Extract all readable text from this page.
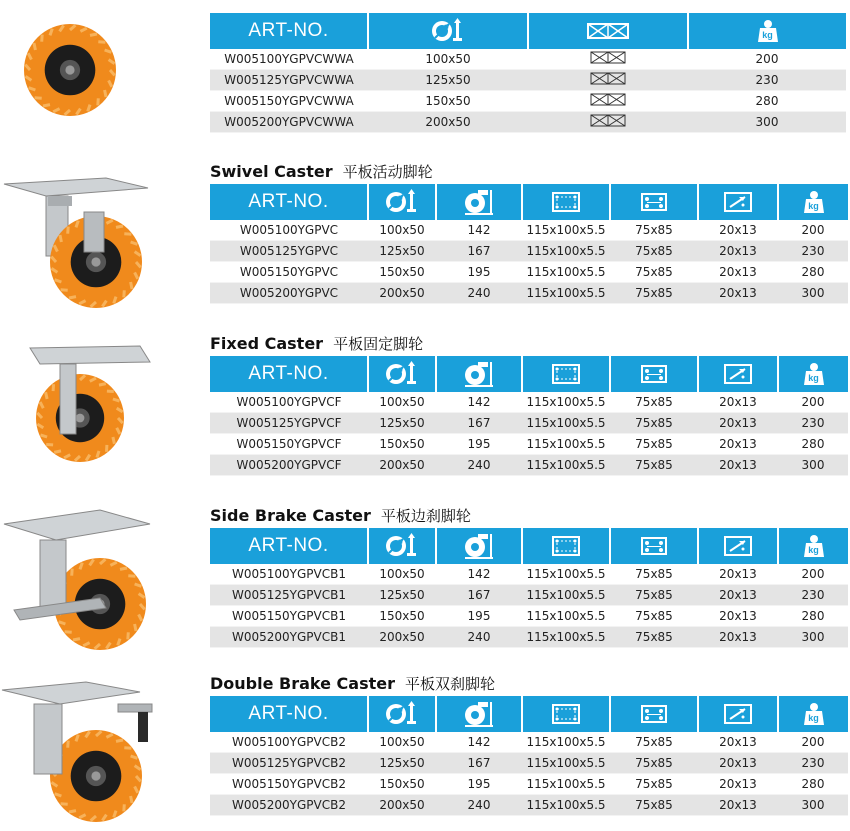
ART-NO.			kg

W005100YGPVCWWA	100x50		200
W005125YGPVCWWA	125x50		230
W005150YGPVCWWA	150x50		280
W005200YGPVCWWA	200x50		300
Swivel Caster 平板活动脚轮
ART-NO.						kg

W005100YGPVC	100x50	142	115x100x5.5	75x85	20x13	200
W005125YGPVC	125x50	167	115x100x5.5	75x85	20x13	230
W005150YGPVC	150x50	195	115x100x5.5	75x85	20x13	280
W005200YGPVC	200x50	240	115x100x5.5	75x85	20x13	300
Fixed Caster 平板固定脚轮
ART-NO.						kg

W005100YGPVCF	100x50	142	115x100x5.5	75x85	20x13	200
W005125YGPVCF	125x50	167	115x100x5.5	75x85	20x13	230
W005150YGPVCF	150x50	195	115x100x5.5	75x85	20x13	280
W005200YGPVCF	200x50	240	115x100x5.5	75x85	20x13	300
Side Brake Caster 平板边刹脚轮
ART-NO.						kg

W005100YGPVCB1	100x50	142	115x100x5.5	75x85	20x13	200
W005125YGPVCB1	125x50	167	115x100x5.5	75x85	20x13	230
W005150YGPVCB1	150x50	195	115x100x5.5	75x85	20x13	280
W005200YGPVCB1	200x50	240	115x100x5.5	75x85	20x13	300
Double Brake Caster 平板双刹脚轮
ART-NO.						kg

W005100YGPVCB2	100x50	142	115x100x5.5	75x85	20x13	200
W005125YGPVCB2	125x50	167	115x100x5.5	75x85	20x13	230
W005150YGPVCB2	150x50	195	115x100x5.5	75x85	20x13	280
W005200YGPVCB2	200x50	240	115x100x5.5	75x85	20x13	300
